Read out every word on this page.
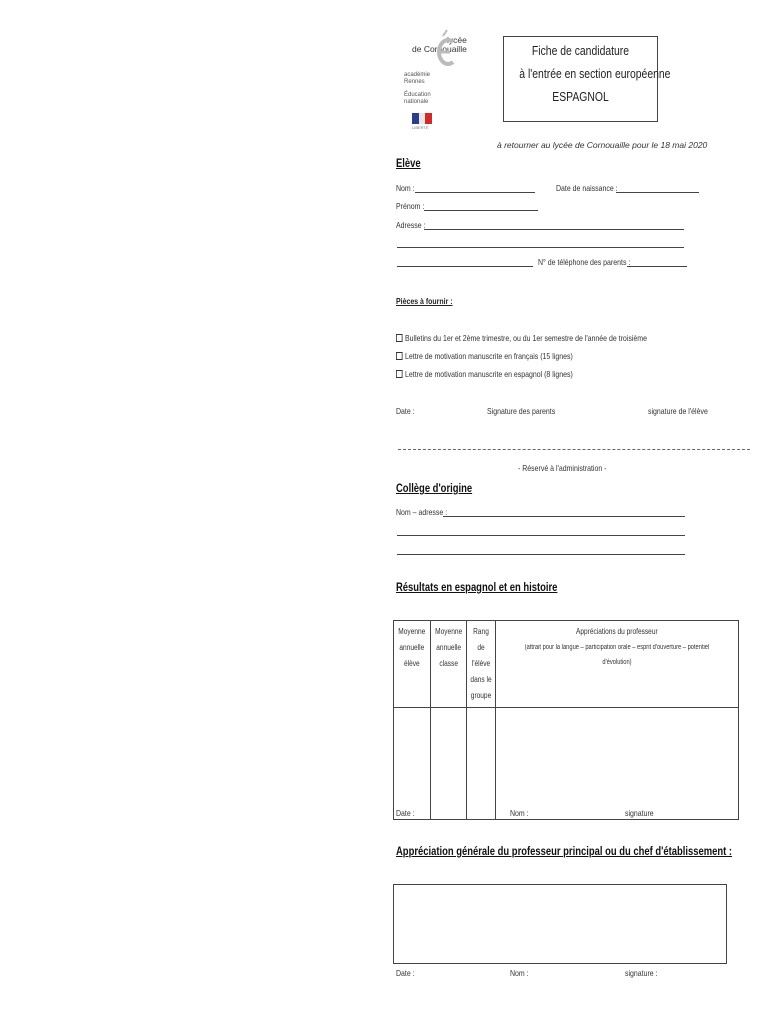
lycée
de Cornouaille
académie
Rennes
Éducation
nationale
LIBERTÉ
Fiche de candidature
à l'entrée en section européenne
ESPAGNOL
à retourner au lycée de Cornouaille pour le 18 mai 2020
Elève
Nom :	Date de naissance :
Prénom :
Adresse :
N° de téléphone des parents :
Pièces à fournir :
Bulletins du 1er et 2ème trimestre, ou du 1er semestre de l'année de troisième
Lettre de motivation manuscrite en français (15 lignes)
Lettre de motivation manuscrite en espagnol (8 lignes)
Date :	Signature des parents	signature de l'élève
- Réservé à l'administration -
Collège d'origine
Nom – adresse :
Résultats en espagnol et en histoire
Moyenne annuelle élève	Moyenne annuelle classe	Rang de l'élève dans le groupe	Appréciations du professeur
(attrait pour la langue – participation orale – esprit d'ouverture – potentiel d'évolution)

Date :	Nom :	signature
Appréciation générale du professeur principal ou du chef d'établissement :
Date :	Nom :	signature :
